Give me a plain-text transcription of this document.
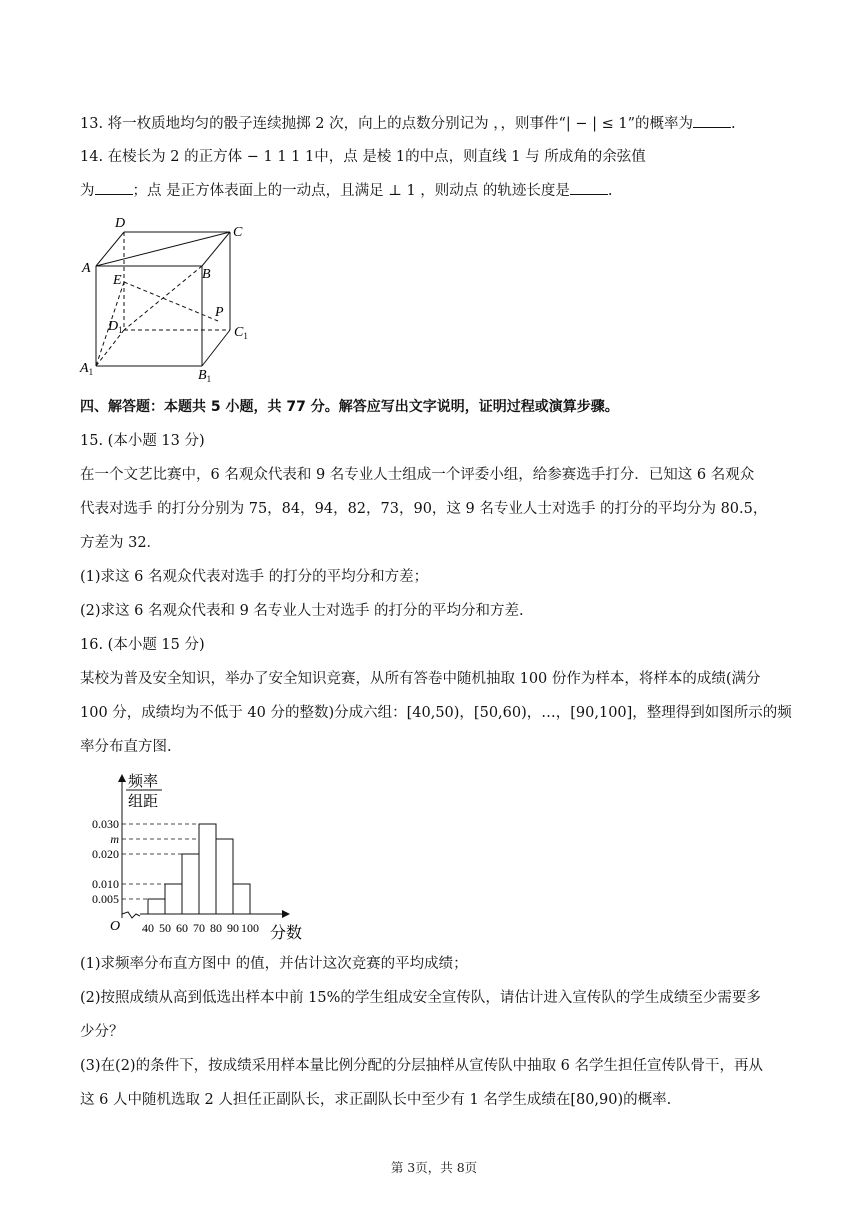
13. 将一枚质地均匀的骰子连续抛掷 2 次，向上的点数分别记为 ，，则事件“| − | ≤ 1”的概率为	.
14. 在棱长为 2 的正方体 − 1 1 1 1中，点 是棱 1的中点，则直线 1 与 所成角的余弦值
为	；点 是正方体表面上的一动点，且满足 ⊥ 1 ，则动点 的轨迹长度是	.
D
C
A	B
E
P
$D_1$	$C_1$
$A_1$	$B_1$
四、解答题：本题共 5 小题，共 77 分。解答应写出文字说明，证明过程或演算步骤。
15. (本小题 13 分)
在一个文艺比赛中，6 名观众代表和 9 名专业人士组成一个评委小组，给参赛选手打分．已知这 6 名观众
代表对选手 的打分分别为 75，84，94，82，73，90，这 9 名专业人士对选手 的打分的平均分为 80.5，
方差为 32．
(1)求这 6 名观众代表对选手 的打分的平均分和方差；
(2)求这 6 名观众代表和 9 名专业人士对选手 的打分的平均分和方差.
16. (本小题 15 分)
某校为普及安全知识，举办了安全知识竞赛，从所有答卷中随机抽取 100 份作为样本，将样本的成绩(满分
100 分，成绩均为不低于 40 分的整数)分成六组：[40,50)，[50,60)，…，[90,100]，整理得到如图所示的频
率分布直方图.
频率
组距
0.030
m
0.020
0.010
0.005
40 50 60 70 80 90 100
O	分数
(1)求频率分布直方图中 的值，并估计这次竞赛的平均成绩；
(2)按照成绩从高到低选出样本中前 15%的学生组成安全宣传队，请估计进入宣传队的学生成绩至少需要多
少分？
(3)在(2)的条件下，按成绩采用样本量比例分配的分层抽样从宣传队中抽取 6 名学生担任宣传队骨干，再从
这 6 人中随机选取 2 人担任正副队长，求正副队长中至少有 1 名学生成绩在[80,90)的概率.
第 3页，共 8页
